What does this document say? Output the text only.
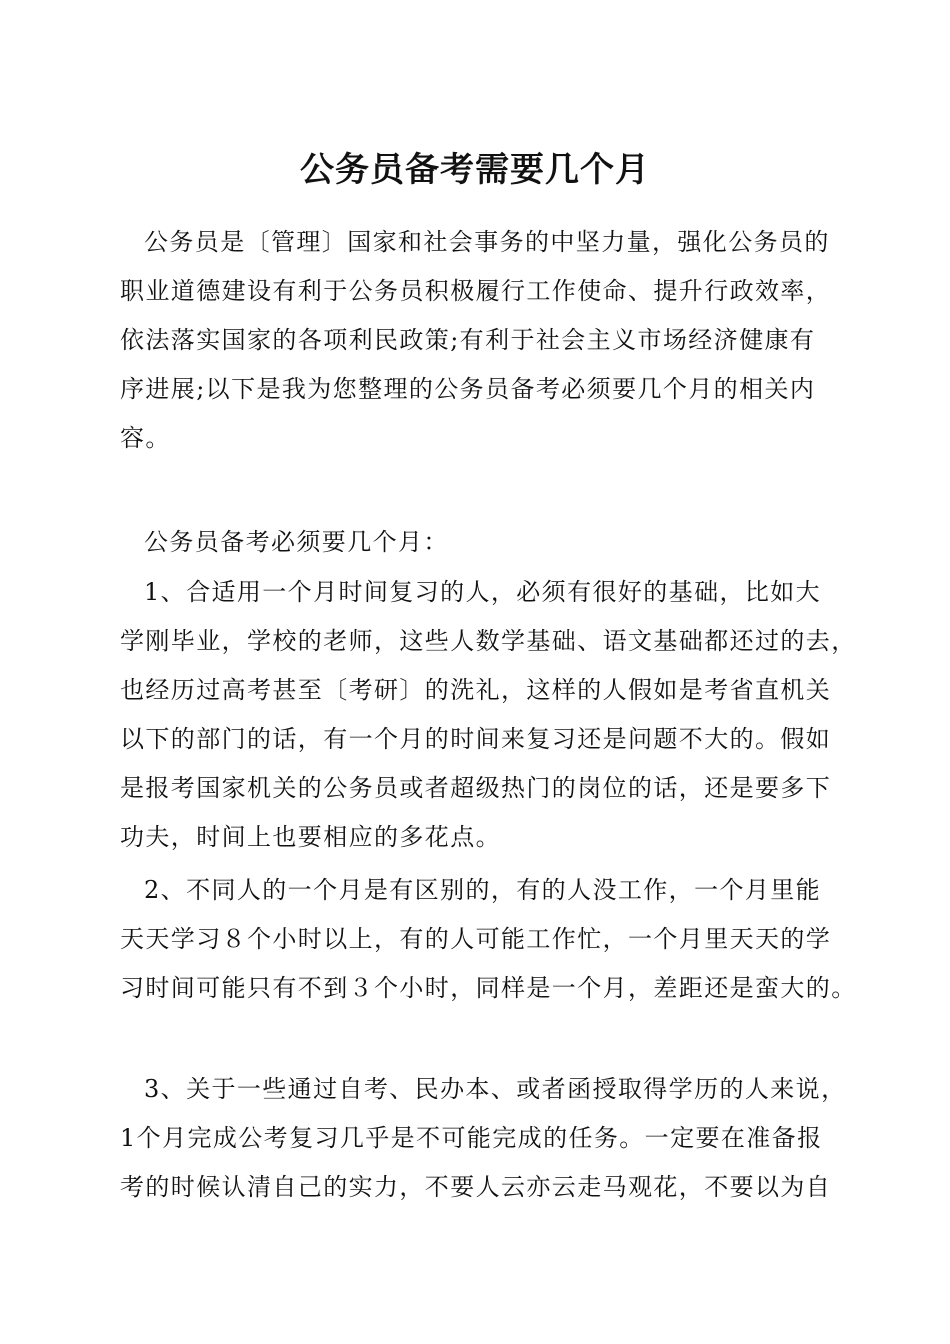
公务员备考需要几个月

公务员是〔管理〕国家和社会事务的中坚力量，强化公务员的
职业道德建设有利于公务员积极履行工作使命、提升行政效率，
依法落实国家的各项利民政策;有利于社会主义市场经济健康有
序进展;以下是我为您整理的公务员备考必须要几个月的相关内
容。

公务员备考必须要几个月：

1、合适用一个月时间复习的人，必须有很好的基础，比如大
学刚毕业，学校的老师，这些人数学基础、语文基础都还过的去，
也经历过高考甚至〔考研〕的洗礼，这样的人假如是考省直机关
以下的部门的话，有一个月的时间来复习还是问题不大的。假如
是报考国家机关的公务员或者超级热门的岗位的话，还是要多下
功夫，时间上也要相应的多花点。

2、不同人的一个月是有区别的，有的人没工作，一个月里能
天天学习８个小时以上，有的人可能工作忙，一个月里天天的学
习时间可能只有不到３个小时，同样是一个月，差距还是蛮大的。

3、关于一些通过自考、民办本、或者函授取得学历的人来说，
1个月完成公考复习几乎是不可能完成的任务。一定要在准备报
考的时候认清自己的实力，不要人云亦云走马观花，不要以为自
